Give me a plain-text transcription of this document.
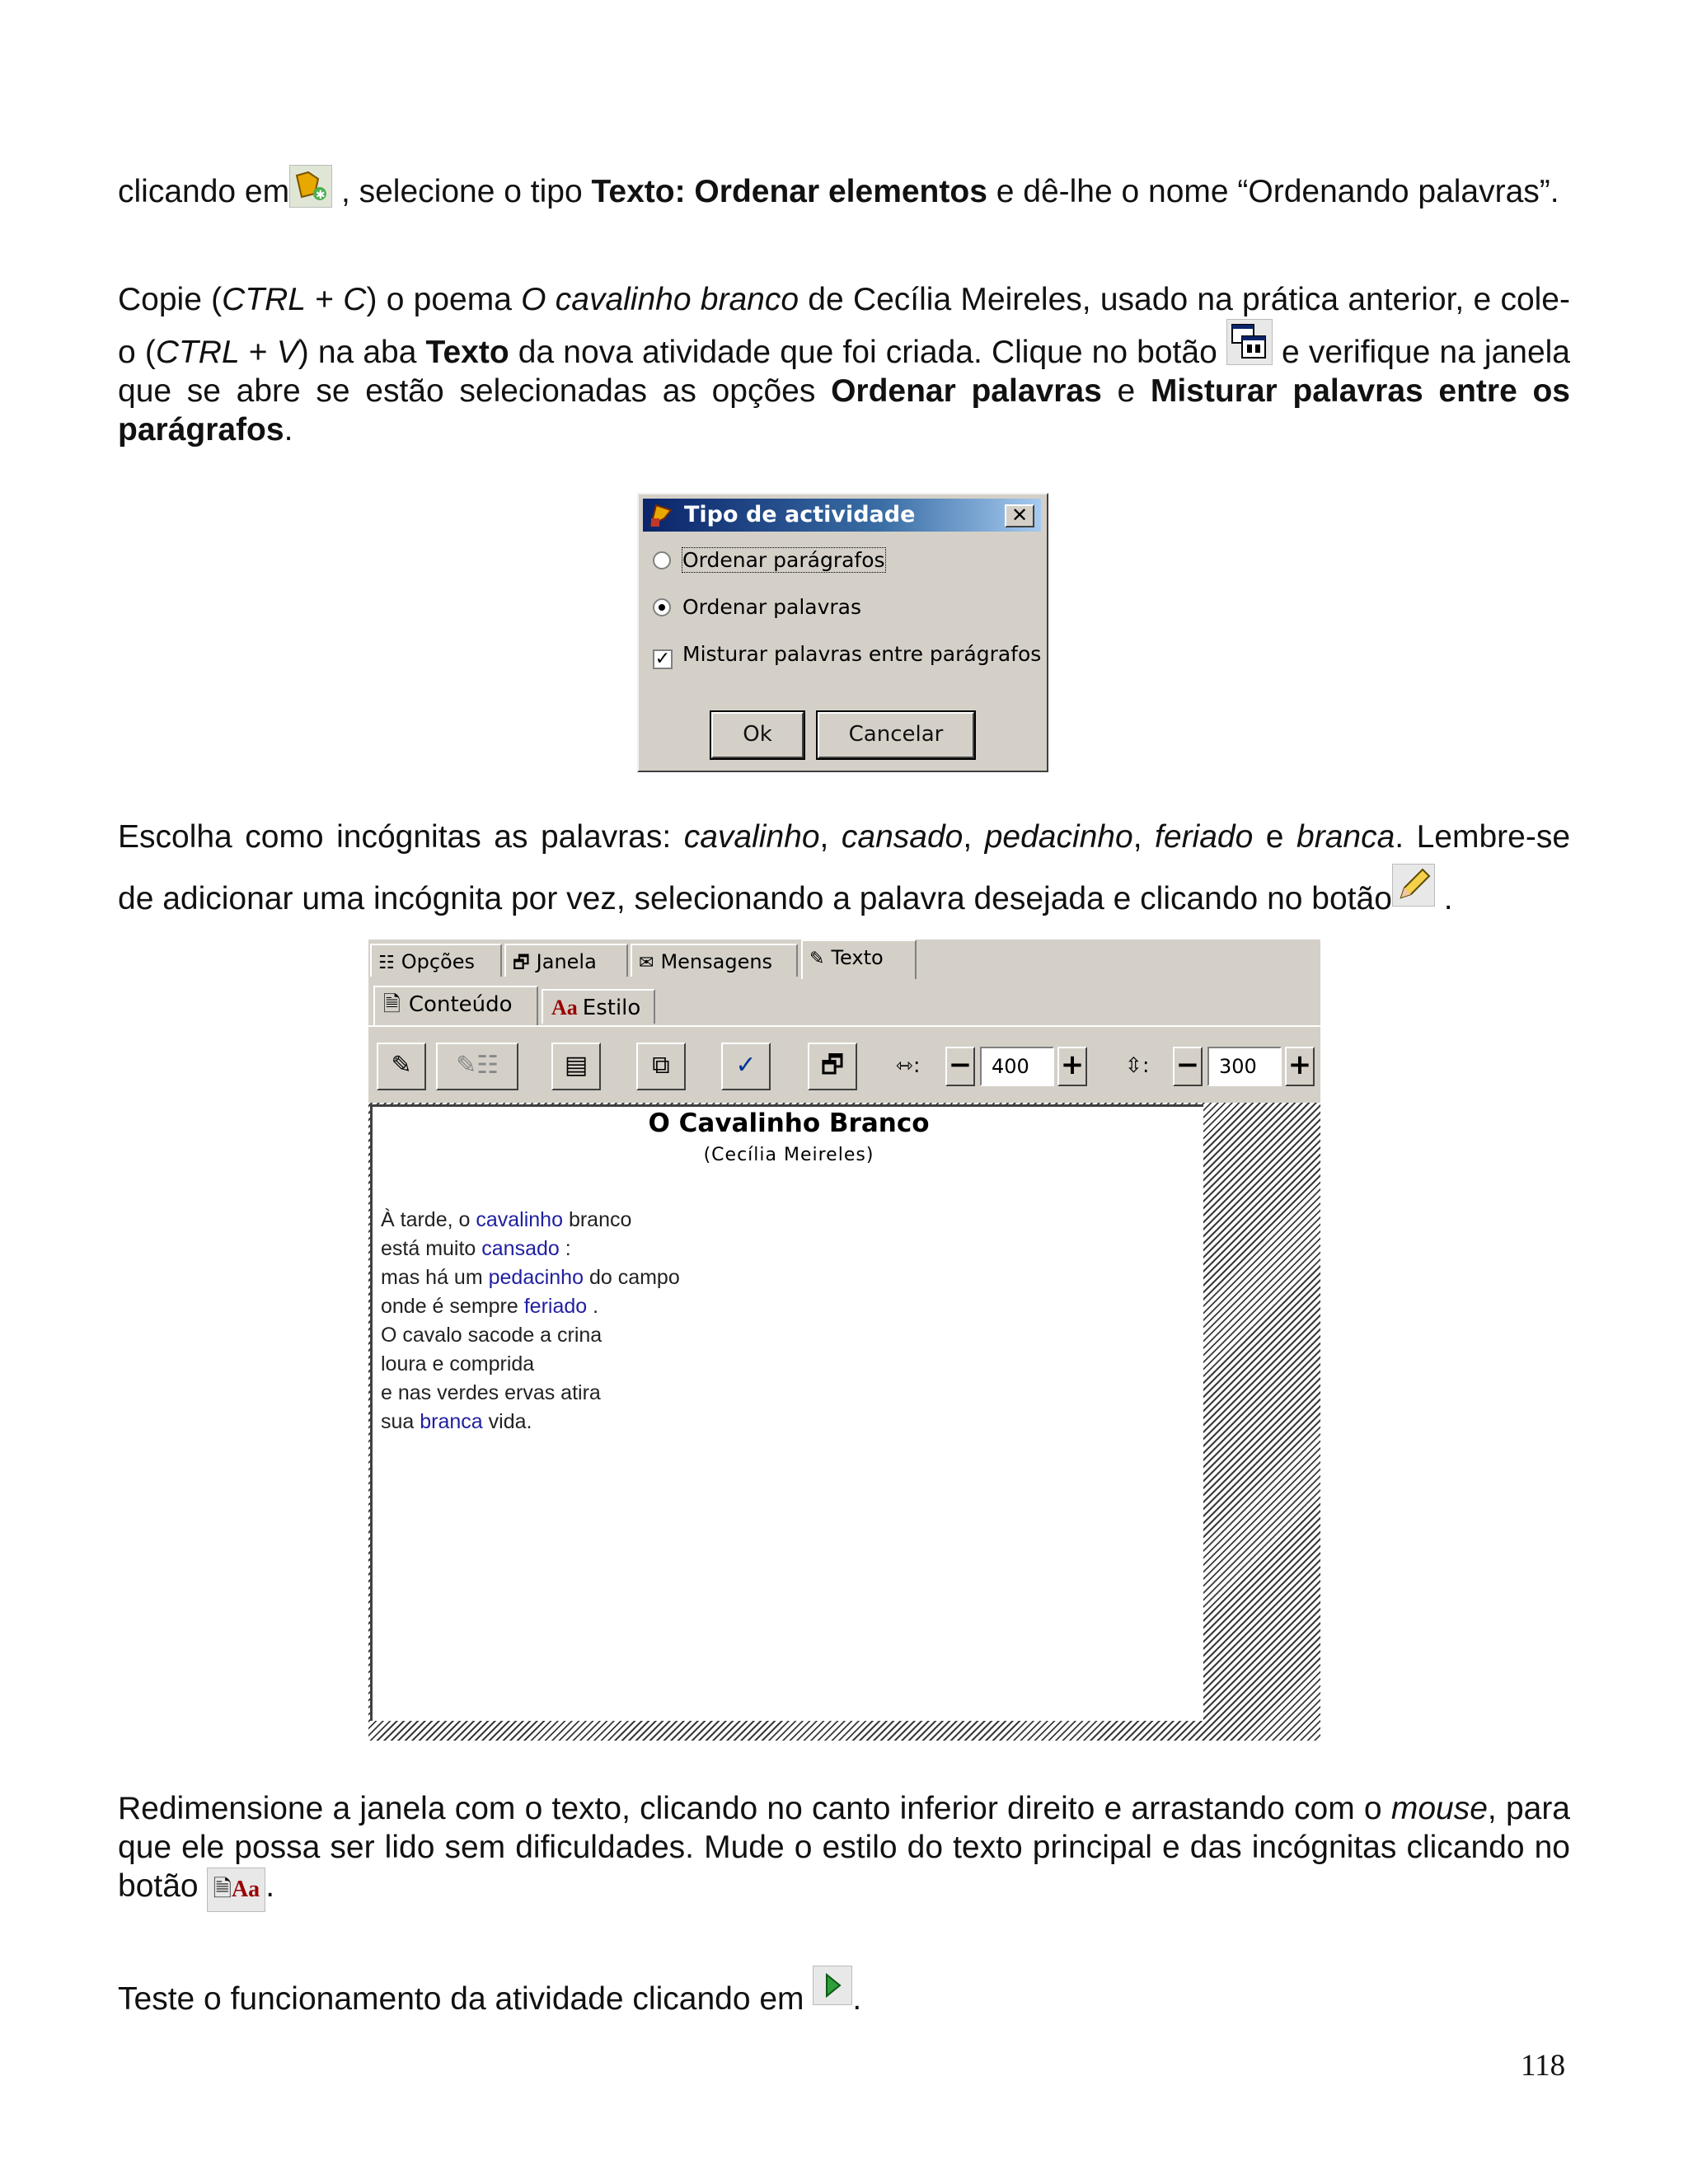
clicando em ✱ , selecione o tipo Texto: Ordenar elementos e dê-lhe o nome “Ordenando palavras”.
Copie (CTRL + C) o poema O cavalinho branco de Cecília Meireles, usado na prática anterior, e cole-o (CTRL + V) na aba Texto da nova atividade que foi criada. Clique no botão  e verifique na janela que se abre se estão selecionadas as opções Ordenar palavras e Misturar palavras entre os parágrafos.
Tipo de actividade	✕
Ordenar parágrafos
Ordenar palavras
✓ Misturar palavras entre parágrafos
Ok	Cancelar
Escolha como incógnitas as palavras: cavalinho, cansado, pedacinho, feriado e branca. Lembre-se de adicionar uma incógnita por vez, selecionando a palavra desejada e clicando no botão .
☷ Opções	🗗 Janela	✉ Mensagens	✎ Texto
🗎 Conteúdo	Aa Estilo
✎	✎☷	▤	⧉	✓	🗗	⇿: − 400	+ ⇳: − 300	+
O Cavalinho Branco
(Cecília Meireles)
À tarde, o cavalinho branco
está muito cansado :
mas há um pedacinho do campo
onde é sempre feriado .
O cavalo sacode a crina
loura e comprida
e nas verdes ervas atira
sua branca vida.
Redimensione a janela com o texto, clicando no canto inferior direito e arrastando com o mouse, para que ele possa ser lido sem dificuldades. Mude o estilo do texto principal e das incógnitas clicando no botão 🗎Aa .
Teste o funcionamento da atividade clicando em .
118
